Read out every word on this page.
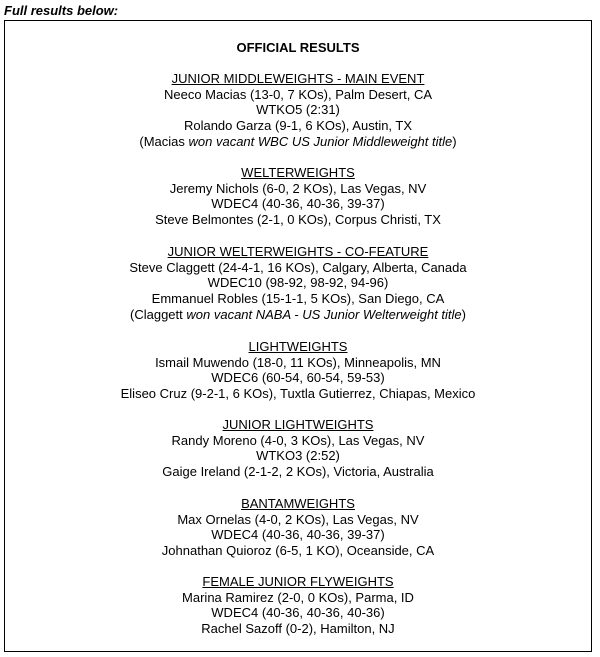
Full results below:
OFFICIAL RESULTS
JUNIOR MIDDLEWEIGHTS - MAIN EVENT
Neeco Macias (13-0, 7 KOs), Palm Desert, CA
WTKO5 (2:31)
Rolando Garza (9-1, 6 KOs), Austin, TX
(Macias won vacant WBC US Junior Middleweight title)
WELTERWEIGHTS
Jeremy Nichols (6-0, 2 KOs), Las Vegas, NV
WDEC4 (40-36, 40-36, 39-37)
Steve Belmontes (2-1, 0 KOs), Corpus Christi, TX
JUNIOR WELTERWEIGHTS - CO-FEATURE
Steve Claggett (24-4-1, 16 KOs), Calgary, Alberta, Canada
WDEC10 (98-92, 98-92, 94-96)
Emmanuel Robles (15-1-1, 5 KOs), San Diego, CA
(Claggett won vacant NABA - US Junior Welterweight title)
LIGHTWEIGHTS
Ismail Muwendo (18-0, 11 KOs), Minneapolis, MN
WDEC6 (60-54, 60-54, 59-53)
Eliseo Cruz (9-2-1, 6 KOs), Tuxtla Gutierrez, Chiapas, Mexico
JUNIOR LIGHTWEIGHTS
Randy Moreno (4-0, 3 KOs), Las Vegas, NV
WTKO3 (2:52)
Gaige Ireland (2-1-2, 2 KOs), Victoria, Australia
BANTAMWEIGHTS
Max Ornelas (4-0, 2 KOs), Las Vegas, NV
WDEC4 (40-36, 40-36, 39-37)
Johnathan Quioroz (6-5, 1 KO), Oceanside, CA
FEMALE JUNIOR FLYWEIGHTS
Marina Ramirez (2-0, 0 KOs), Parma, ID
WDEC4 (40-36, 40-36, 40-36)
Rachel Sazoff (0-2), Hamilton, NJ
